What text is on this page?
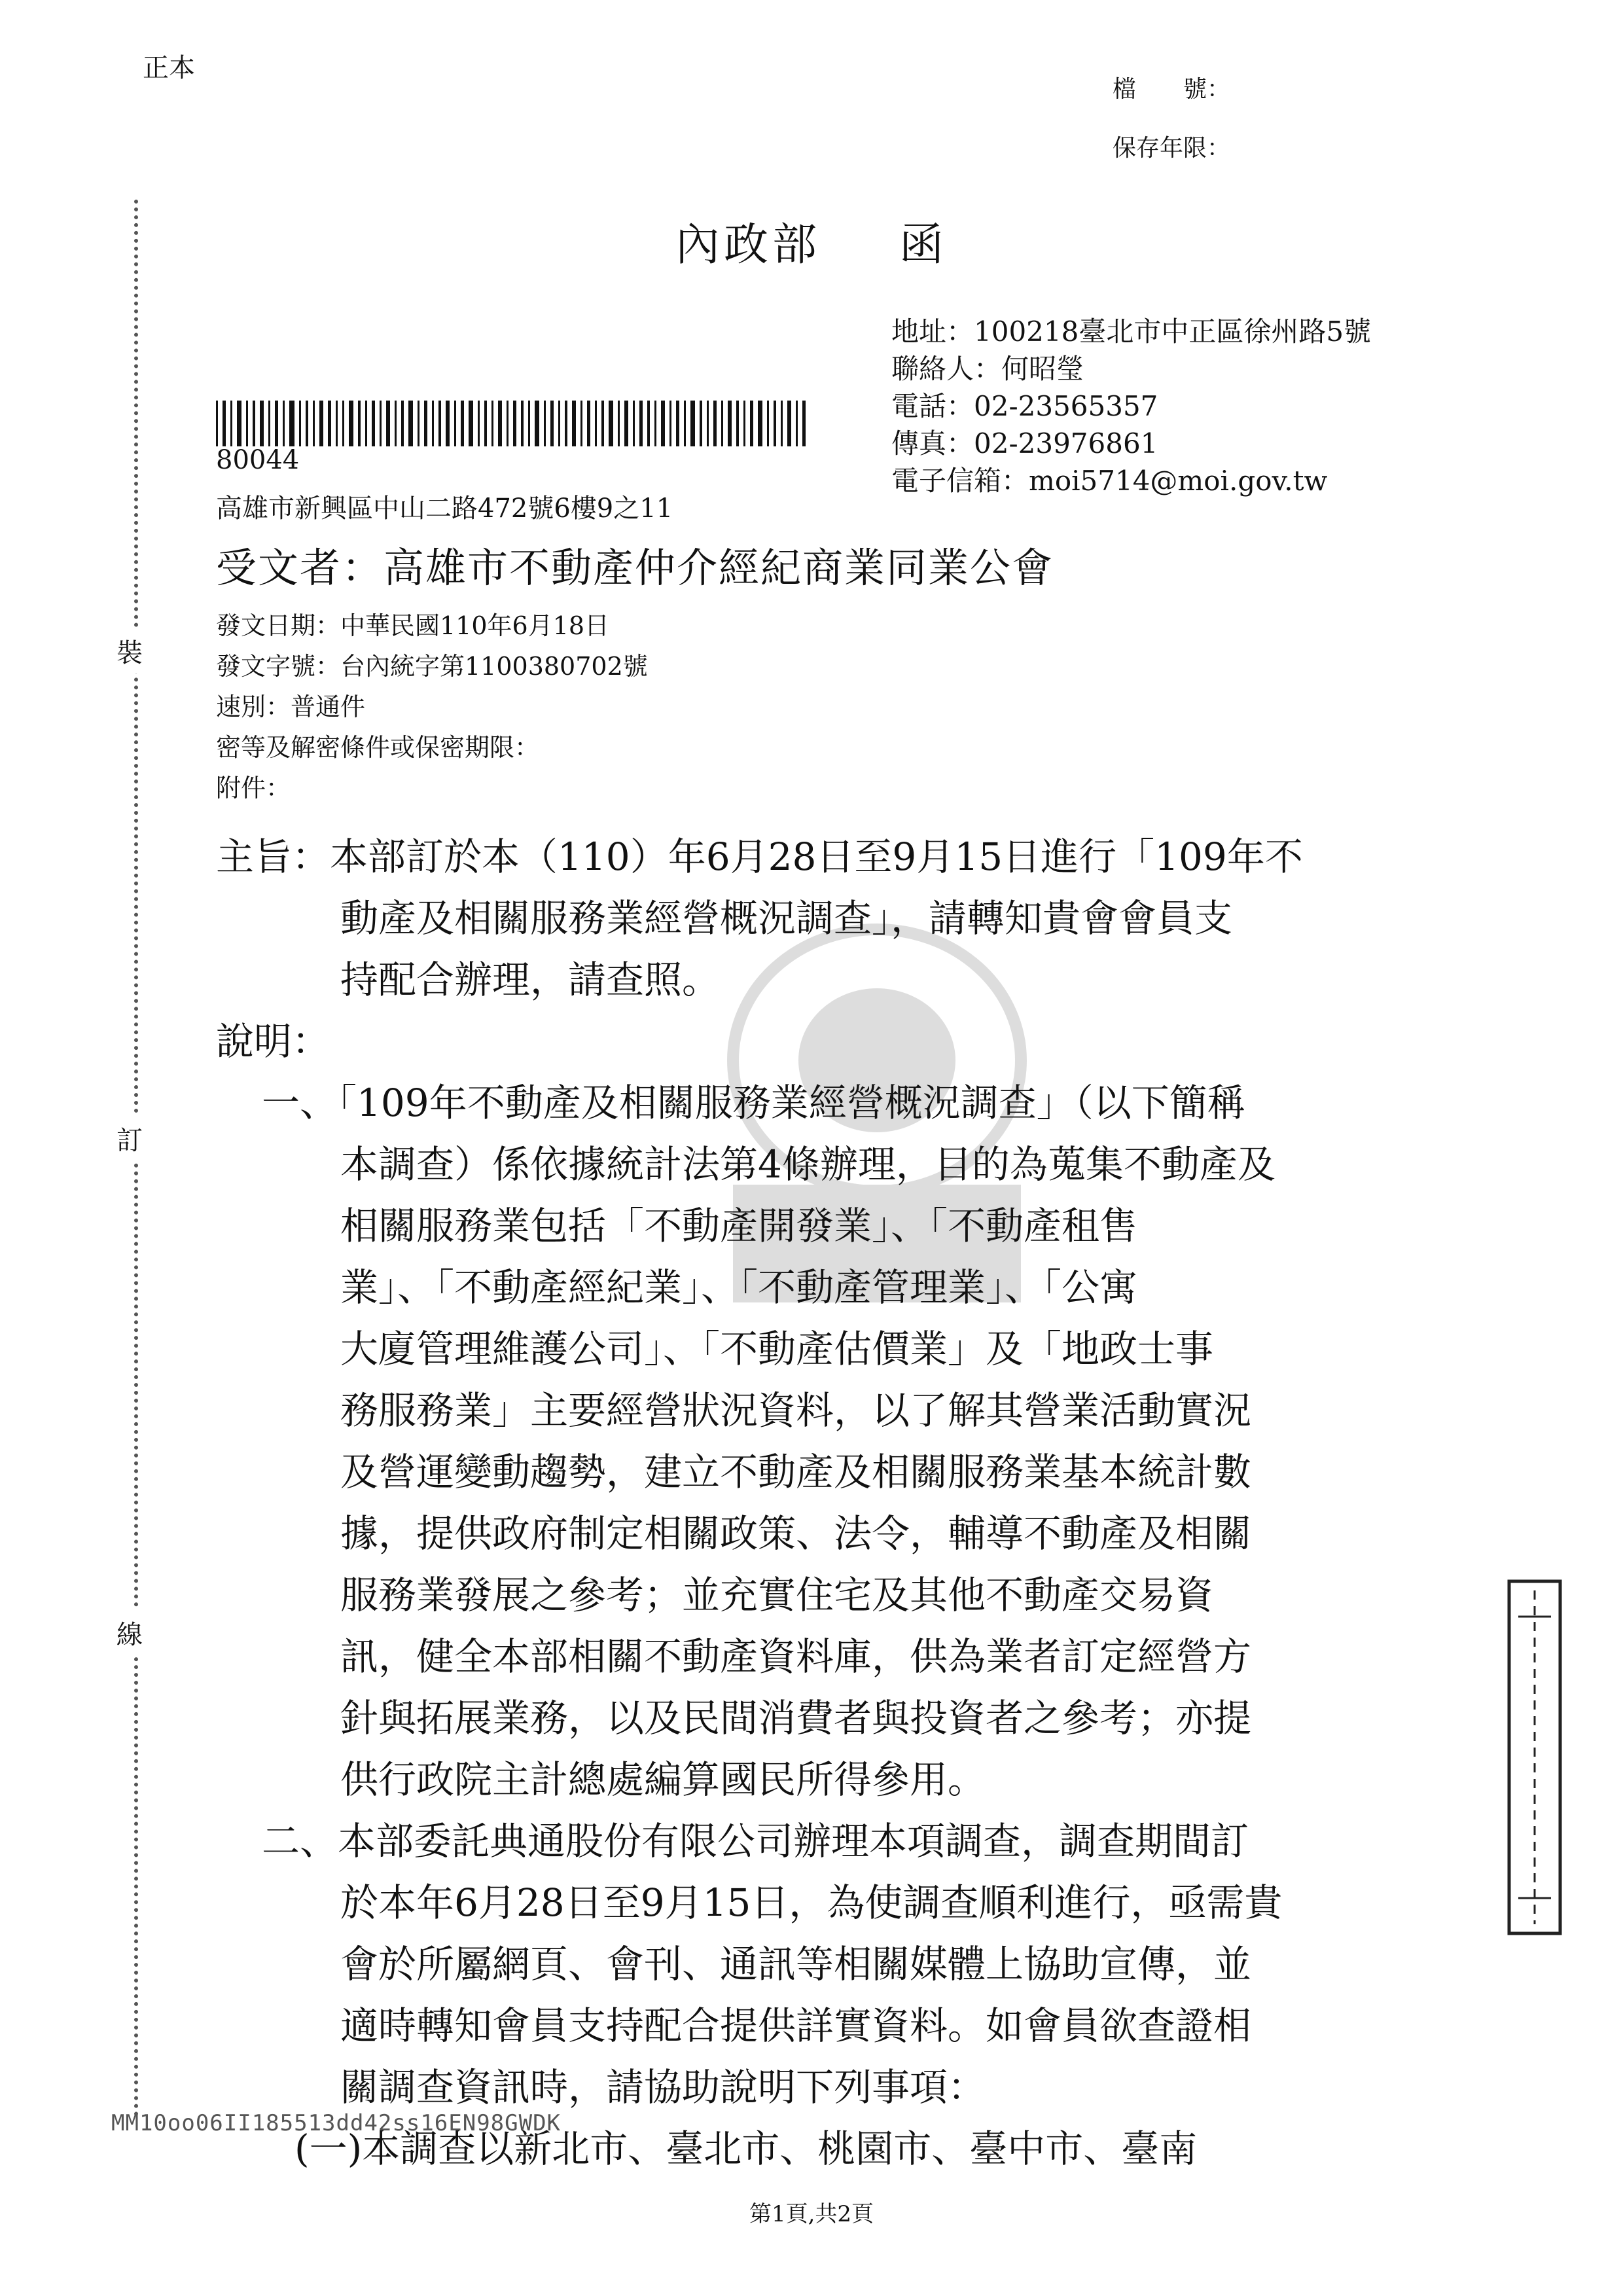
正本
檔　　號：
保存年限：
裝
訂
線
內政部 函
地址：100218臺北市中正區徐州路5號
聯絡人：何昭瑩
電話：02-23565357
傳真：02-23976861
電子信箱：moi5714@moi.gov.tw
80044
高雄市新興區中山二路472號6樓9之11
受文者：高雄市不動產仲介經紀商業同業公會
發文日期：中華民國110年6月18日
發文字號：台內統字第1100380702號
速別：普通件
密等及解密條件或保密期限：
附件：
主旨：本部訂於本（110）年6月28日至9月15日進行「109年不
動產及相關服務業經營概況調查」，請轉知貴會會員支
持配合辦理，請查照。
說明：
一、「109年不動產及相關服務業經營概況調查」（以下簡稱
本調查）係依據統計法第4條辦理，目的為蒐集不動產及
相關服務業包括「不動產開發業」、「不動產租售
業」、「不動產經紀業」、「不動產管理業」、「公寓
大廈管理維護公司」、「不動產估價業」及「地政士事
務服務業」主要經營狀況資料，以了解其營業活動實況
及營運變動趨勢，建立不動產及相關服務業基本統計數
據，提供政府制定相關政策、法令，輔導不動產及相關
服務業發展之參考；並充實住宅及其他不動產交易資
訊，健全本部相關不動產資料庫，供為業者訂定經營方
針與拓展業務，以及民間消費者與投資者之參考；亦提
供行政院主計總處編算國民所得參用。
二、本部委託典通股份有限公司辦理本項調查，調查期間訂
於本年6月28日至9月15日，為使調查順利進行，亟需貴
會於所屬網頁、會刊、通訊等相關媒體上協助宣傳，並
適時轉知會員支持配合提供詳實資料。如會員欲查證相
關調查資訊時，請協助說明下列事項：
(一)本調查以新北市、臺北市、桃園市、臺中市、臺南
MM10oo06II185513dd42ss16EN98GWDK
第1頁,共2頁
